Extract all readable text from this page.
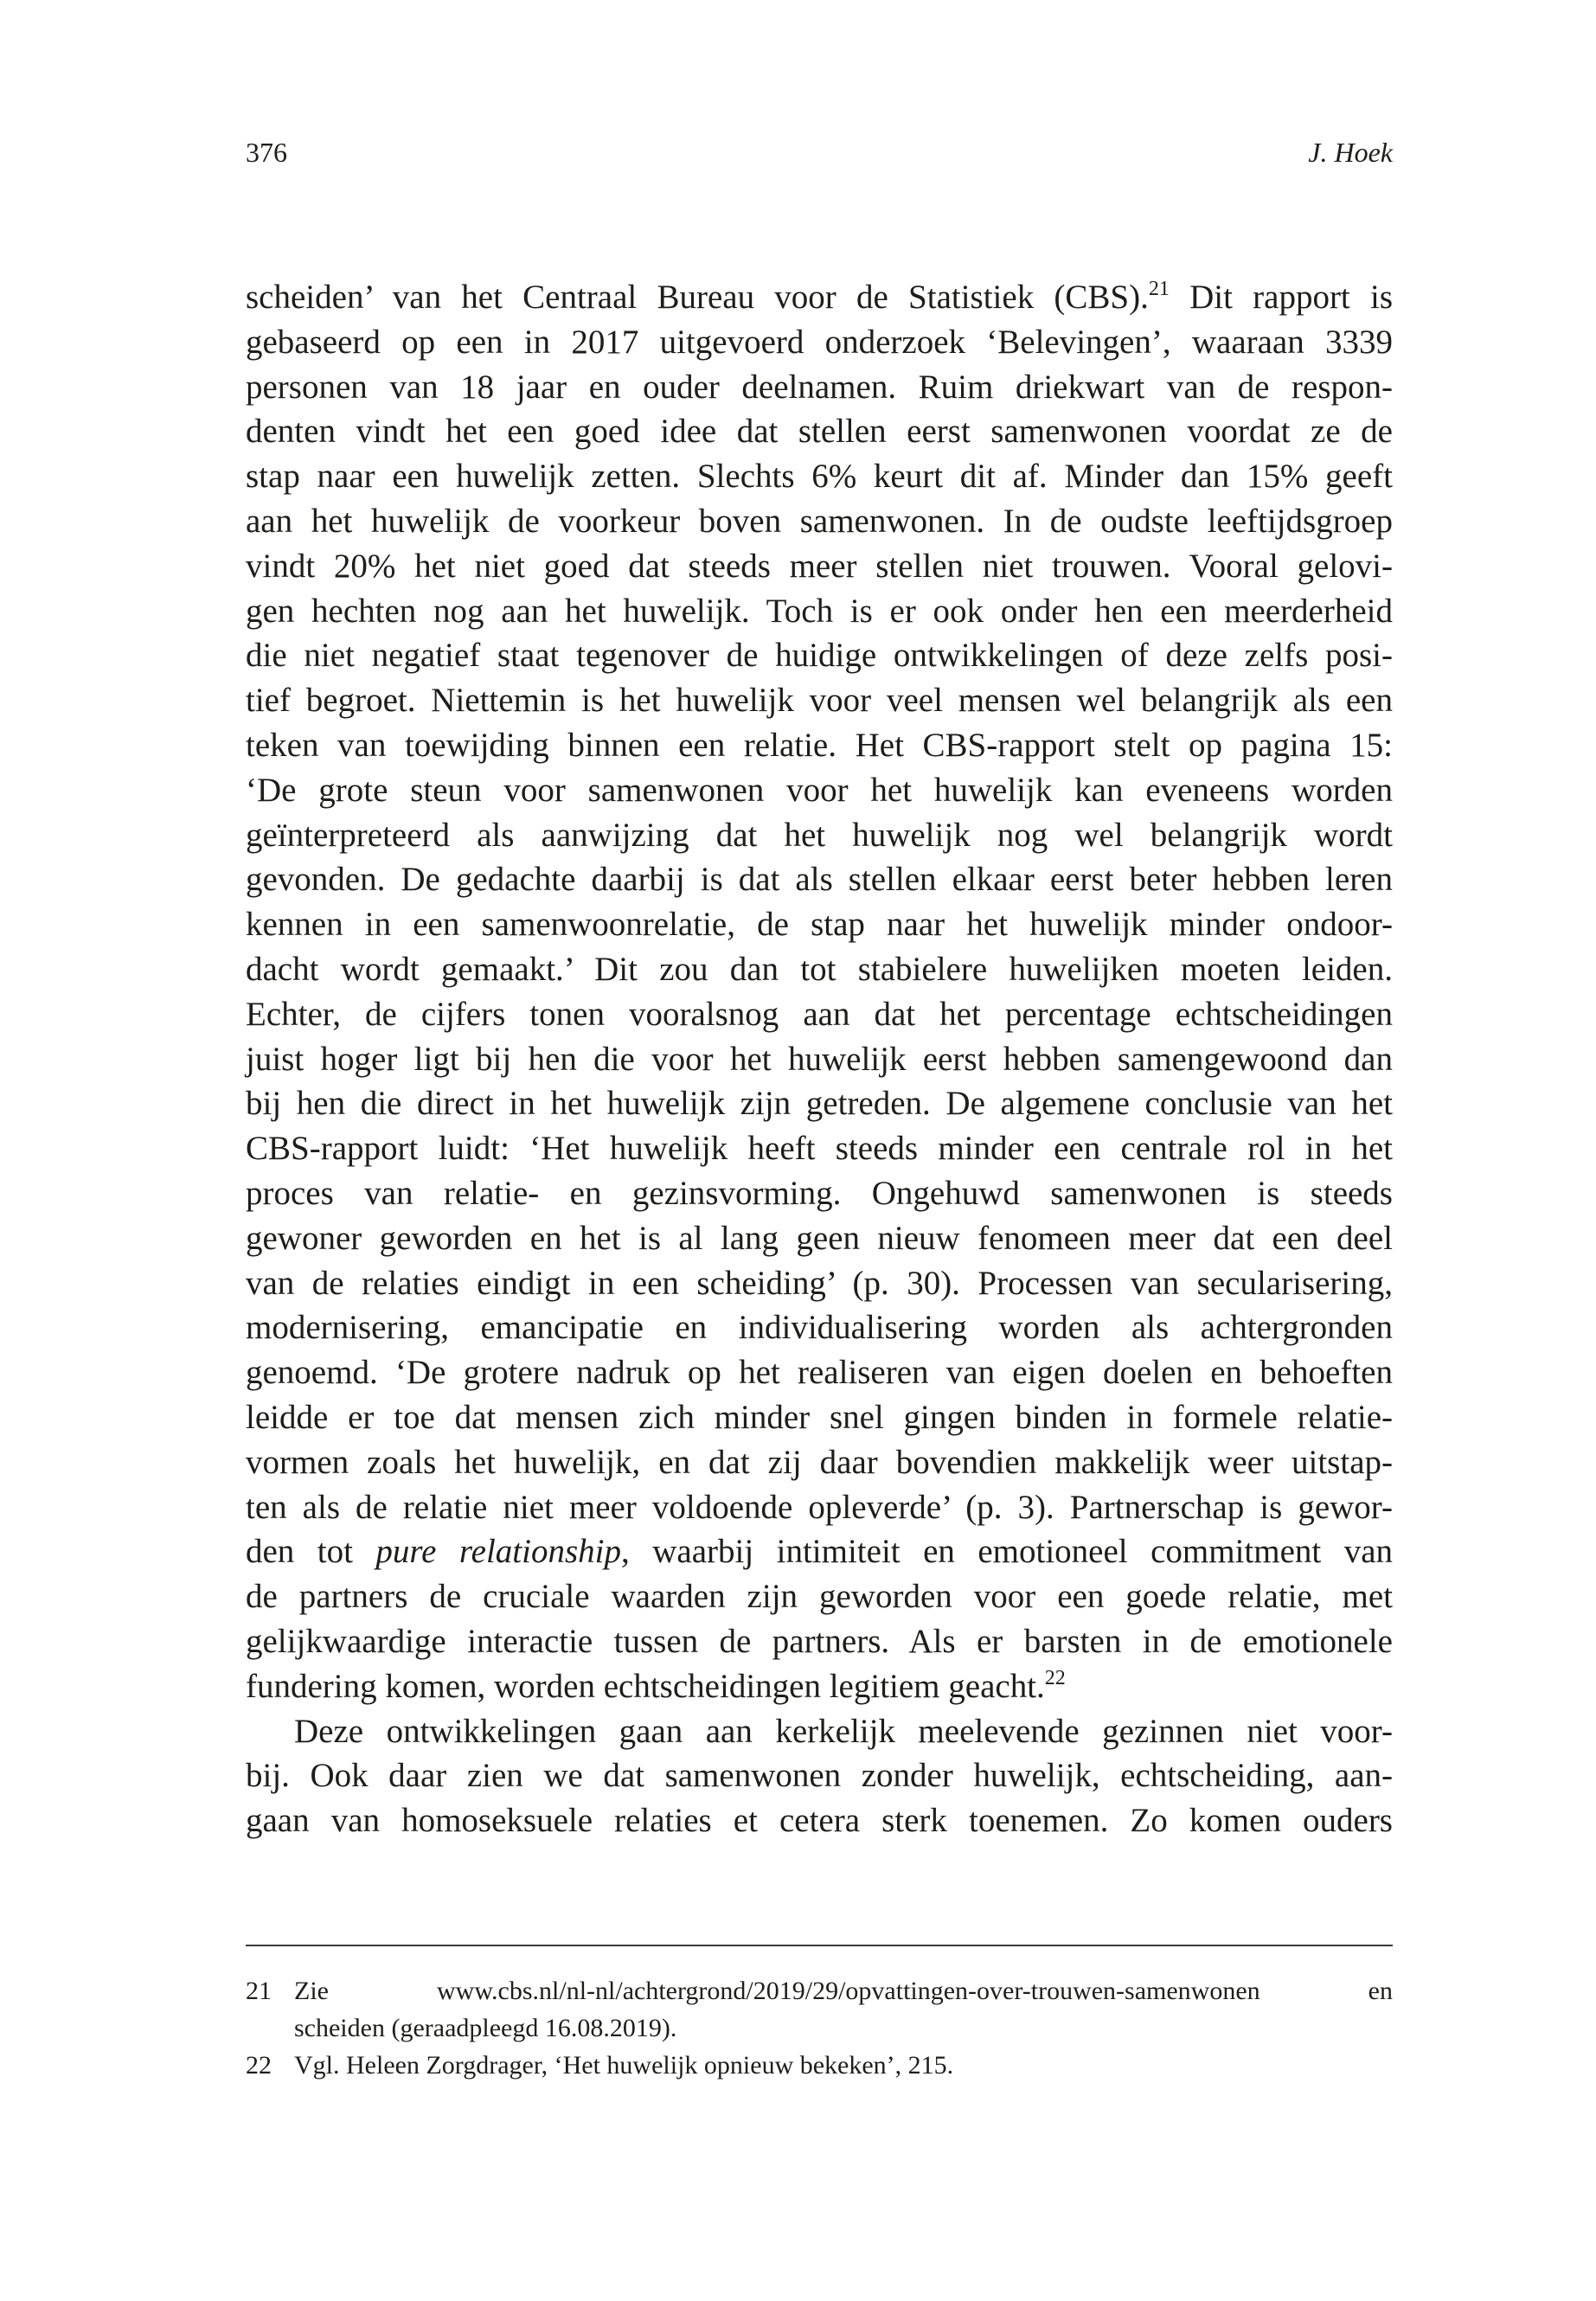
376	J. Hoek
scheiden’ van het Centraal Bureau voor de Statistiek (CBS).$^{21}$ Dit rapport is
gebaseerd op een in 2017 uitgevoerd onderzoek ‘Belevingen’, waaraan 3339
personen van 18 jaar en ouder deelnamen. Ruim driekwart van de respon-
denten vindt het een goed idee dat stellen eerst samenwonen voordat ze de
stap naar een huwelijk zetten. Slechts 6% keurt dit af. Minder dan 15% geeft
aan het huwelijk de voorkeur boven samenwonen. In de oudste leeftijdsgroep
vindt 20% het niet goed dat steeds meer stellen niet trouwen. Vooral gelovi-
gen hechten nog aan het huwelijk. Toch is er ook onder hen een meerderheid
die niet negatief staat tegenover de huidige ontwikkelingen of deze zelfs posi-
tief begroet. Niettemin is het huwelijk voor veel mensen wel belangrijk als een
teken van toewijding binnen een relatie. Het CBS-rapport stelt op pagina 15:
‘De grote steun voor samenwonen voor het huwelijk kan eveneens worden
geïnterpreteerd als aanwijzing dat het huwelijk nog wel belangrijk wordt
gevonden. De gedachte daarbij is dat als stellen elkaar eerst beter hebben leren
kennen in een samenwoonrelatie, de stap naar het huwelijk minder ondoor-
dacht wordt gemaakt.’ Dit zou dan tot stabielere huwelijken moeten leiden.
Echter, de cijfers tonen vooralsnog aan dat het percentage echtscheidingen
juist hoger ligt bij hen die voor het huwelijk eerst hebben samengewoond dan
bij hen die direct in het huwelijk zijn getreden. De algemene conclusie van het
CBS-rapport luidt: ‘Het huwelijk heeft steeds minder een centrale rol in het
proces van relatie- en gezinsvorming. Ongehuwd samenwonen is steeds
gewoner geworden en het is al lang geen nieuw fenomeen meer dat een deel
van de relaties eindigt in een scheiding’ (p. 30). Processen van secularisering,
modernisering, emancipatie en individualisering worden als achtergronden
genoemd. ‘De grotere nadruk op het realiseren van eigen doelen en behoeften
leidde er toe dat mensen zich minder snel gingen binden in formele relatie-
vormen zoals het huwelijk, en dat zij daar bovendien makkelijk weer uitstap-
ten als de relatie niet meer voldoende opleverde’ (p. 3). Partnerschap is gewor-
den tot pure relationship, waarbij intimiteit en emotioneel commitment van
de partners de cruciale waarden zijn geworden voor een goede relatie, met
gelijkwaardige interactie tussen de partners. Als er barsten in de emotionele
fundering komen, worden echtscheidingen legitiem geacht.$^{22}$
Deze ontwikkelingen gaan aan kerkelijk meelevende gezinnen niet voor-
bij. Ook daar zien we dat samenwonen zonder huwelijk, echtscheiding, aan-
gaan van homoseksuele relaties et cetera sterk toenemen. Zo komen ouders
21 Zie www.cbs.nl/nl-nl/achtergrond/2019/29/opvattingen-over-trouwen-samenwonen en
scheiden (geraadpleegd 16.08.2019).
22 Vgl. Heleen Zorgdrager, ‘Het huwelijk opnieuw bekeken’, 215.
